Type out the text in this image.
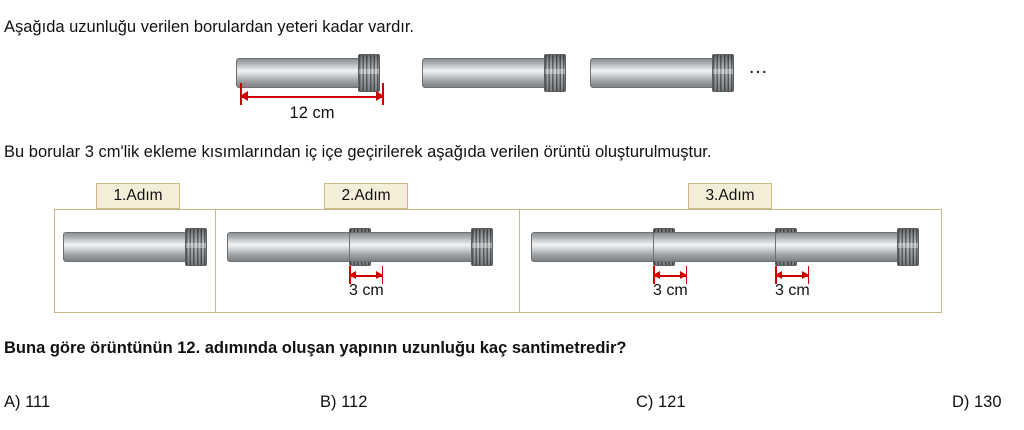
Aşağıda uzunluğu verilen borulardan yeteri kadar vardır.
Bu borular 3 cm'lik ekleme kısımlarından iç içe geçirilerek aşağıda verilen örüntü oluşturulmuştur.
…
12 cm
1.Adım	2.Adım	3.Adım
3 cm	3 cm	3 cm
Buna göre örüntünün 12. adımında oluşan yapının uzunluğu kaç santimetredir?
A) 111	B) 112	C) 121	D) 130
